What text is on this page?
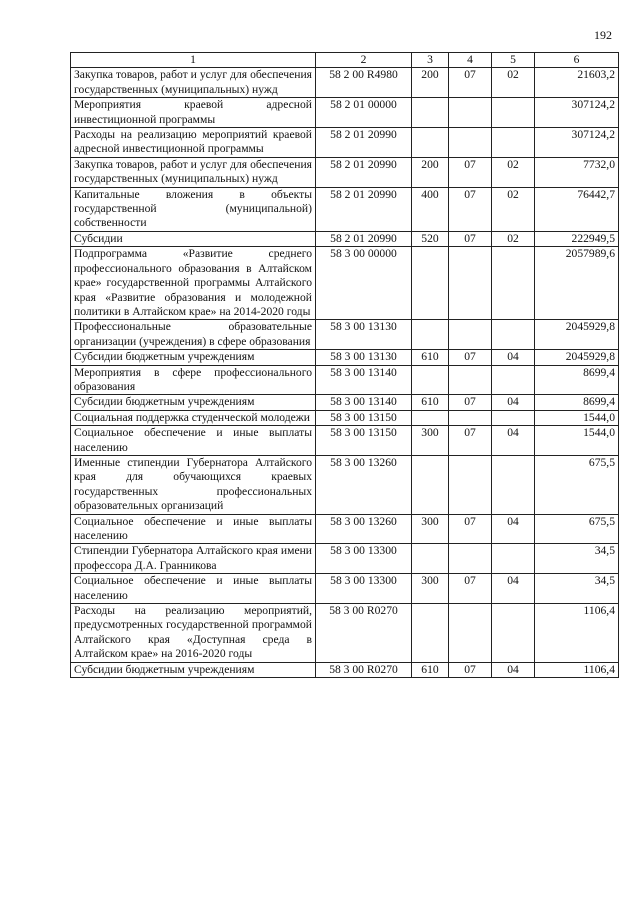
192
1	2	3	4	5	6
Закупка товаров, работ и услуг для обеспечения государственных (муниципальных) нужд	58 2 00 R4980	200	07	02	21603,2
Мероприятия краевой адресной инвестиционной программы	58 2 01 00000				307124,2
Расходы на реализацию мероприятий краевой адресной инвестиционной программы	58 2 01 20990				307124,2
Закупка товаров, работ и услуг для обеспечения государственных (муниципальных) нужд	58 2 01 20990	200	07	02	7732,0
Капитальные вложения в объекты государственной (муниципальной) собственности	58 2 01 20990	400	07	02	76442,7
Субсидии	58 2 01 20990	520	07	02	222949,5
Подпрограмма «Развитие среднего профессионального образования в Алтайском крае» государственной программы Алтайского края «Развитие образования и молодежной политики в Алтайском крае» на 2014-2020 годы	58 3 00 00000				2057989,6
Профессиональные образовательные организации (учреждения) в сфере образования	58 3 00 13130				2045929,8
Субсидии бюджетным учреждениям	58 3 00 13130	610	07	04	2045929,8
Мероприятия в сфере профессионального образования	58 3 00 13140				8699,4
Субсидии бюджетным учреждениям	58 3 00 13140	610	07	04	8699,4
Социальная поддержка студенческой молодежи	58 3 00 13150				1544,0
Социальное обеспечение и иные выплаты населению	58 3 00 13150	300	07	04	1544,0
Именные стипендии Губернатора Алтайского края для обучающихся краевых государственных профессиональных образовательных организаций	58 3 00 13260				675,5
Социальное обеспечение и иные выплаты населению	58 3 00 13260	300	07	04	675,5
Стипендии Губернатора Алтайского края имени профессора Д.А. Гранникова	58 3 00 13300				34,5
Социальное обеспечение и иные выплаты населению	58 3 00 13300	300	07	04	34,5
Расходы на реализацию мероприятий, предусмотренных государственной программой Алтайского края «Доступная среда в Алтайском крае» на 2016-2020 годы	58 3 00 R0270				1106,4
Субсидии бюджетным учреждениям	58 3 00 R0270	610	07	04	1106,4
